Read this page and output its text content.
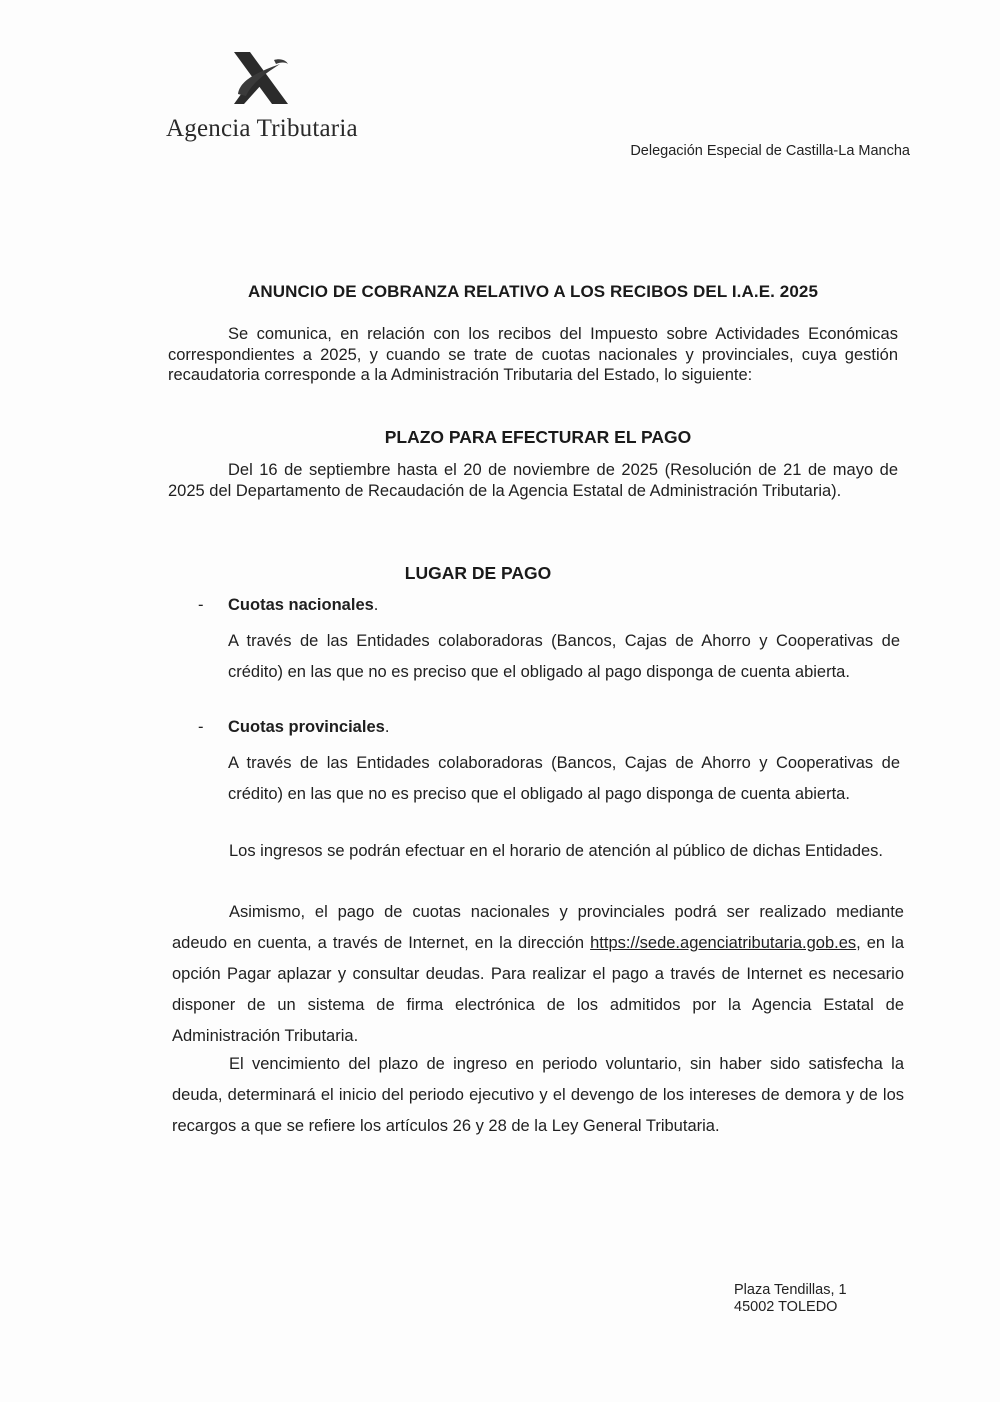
Agencia Tributaria
Delegación Especial de Castilla-La Mancha
ANUNCIO DE COBRANZA RELATIVO A LOS RECIBOS DEL I.A.E. 2025
Se comunica, en relación con los recibos del Impuesto sobre Actividades Económicas correspondientes a 2025, y cuando se trate de cuotas nacionales y provinciales, cuya gestión recaudatoria corresponde a la Administración Tributaria del Estado, lo siguiente:
PLAZO PARA EFECTURAR EL PAGO
Del 16 de septiembre hasta el 20 de noviembre de 2025 (Resolución de 21 de mayo de 2025 del Departamento de Recaudación de la Agencia Estatal de Administración Tributaria).
LUGAR DE PAGO
- Cuotas nacionales.
A través de las Entidades colaboradoras (Bancos, Cajas de Ahorro y Cooperativas de crédito) en las que no es preciso que el obligado al pago disponga de cuenta abierta.
- Cuotas provinciales.
A través de las Entidades colaboradoras (Bancos, Cajas de Ahorro y Cooperativas de crédito) en las que no es preciso que el obligado al pago disponga de cuenta abierta.
Los ingresos se podrán efectuar en el horario de atención al público de dichas Entidades.
Asimismo, el pago de cuotas nacionales y provinciales podrá ser realizado mediante adeudo en cuenta, a través de Internet, en la dirección https://sede.agenciatributaria.gob.es, en la opción Pagar aplazar y consultar deudas. Para realizar el pago a través de Internet es necesario disponer de un sistema de firma electrónica de los admitidos por la Agencia Estatal de Administración Tributaria.
El vencimiento del plazo de ingreso en periodo voluntario, sin haber sido satisfecha la deuda, determinará el inicio del periodo ejecutivo y el devengo de los intereses de demora y de los recargos a que se refiere los artículos 26 y 28 de la Ley General Tributaria.
Plaza Tendillas, 1
45002 TOLEDO
